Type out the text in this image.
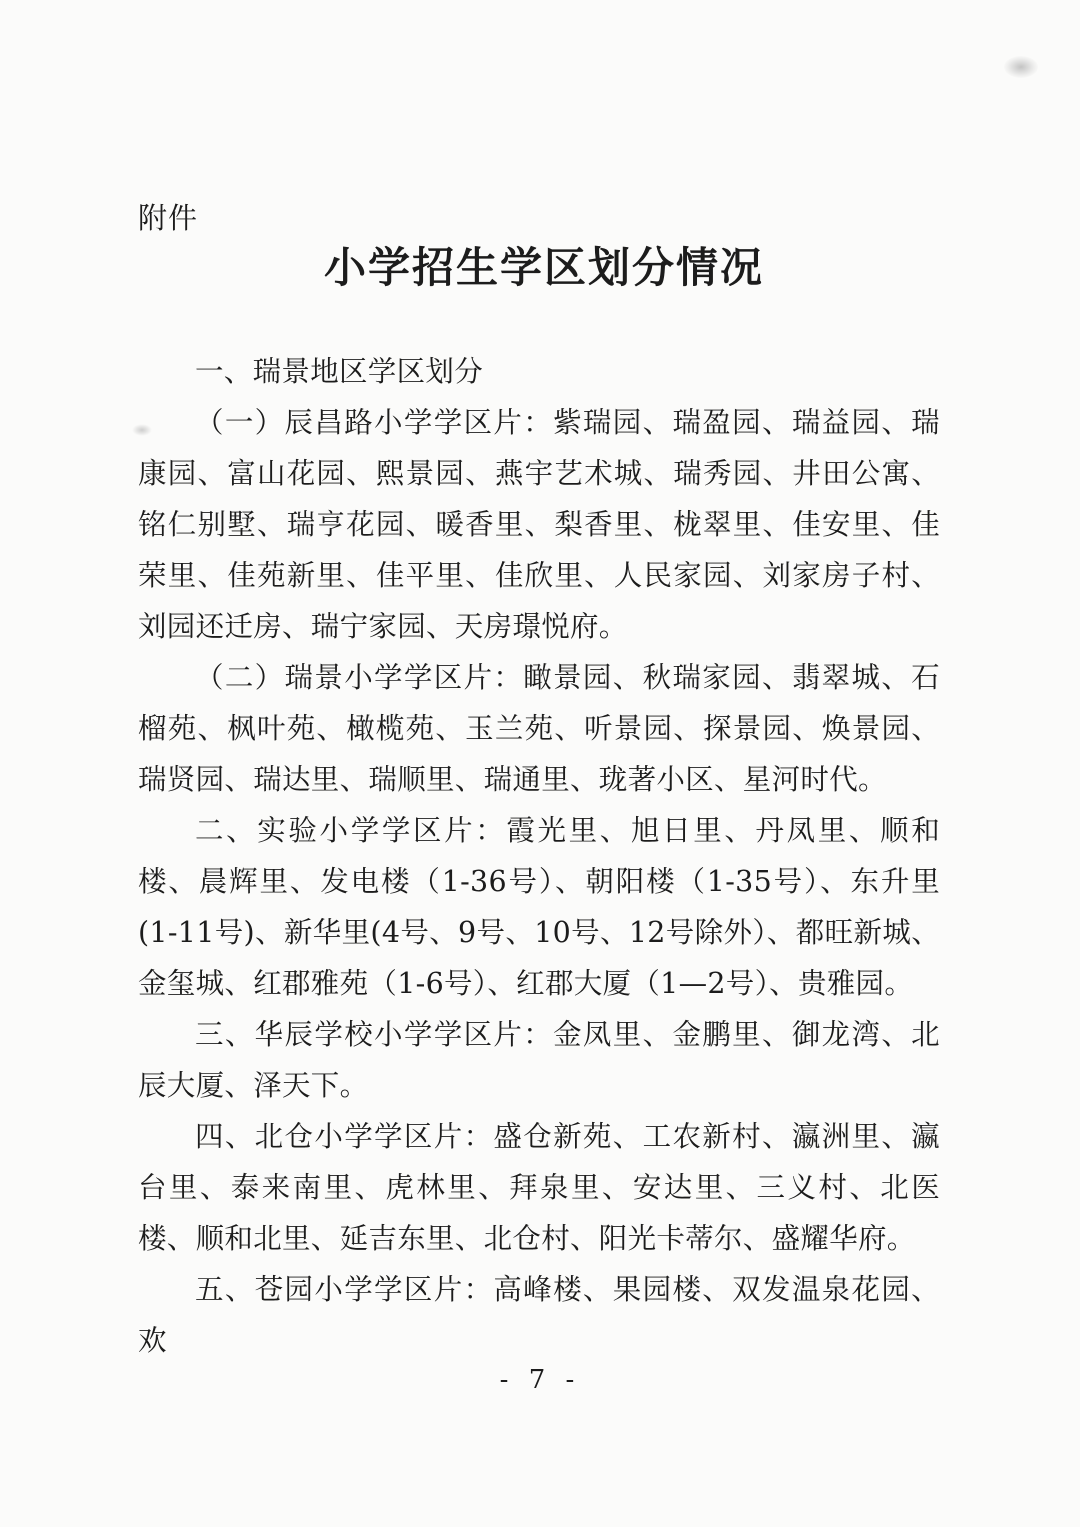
附件
小学招生学区划分情况

一、瑞景地区学区划分

（一）辰昌路小学学区片：紫瑞园、瑞盈园、瑞益园、瑞康园、富山花园、熙景园、燕宇艺术城、瑞秀园、井田公寓、铭仁别墅、瑞亨花园、暖香里、梨香里、栊翠里、佳安里、佳荣里、佳苑新里、佳平里、佳欣里、人民家园、刘家房子村、刘园还迁房、瑞宁家园、天房璟悦府。

（二）瑞景小学学区片：瞰景园、秋瑞家园、翡翠城、石榴苑、枫叶苑、橄榄苑、玉兰苑、听景园、探景园、焕景园、瑞贤园、瑞达里、瑞顺里、瑞通里、珑著小区、星河时代。

二、实验小学学区片：霞光里、旭日里、丹凤里、顺和楼、晨辉里、发电楼（1-36号）、朝阳楼（1-35号）、东升里(1-11号)、新华里(4号、9号、10号、12号除外）、都旺新城、金玺城、红郡雅苑（1-6号）、红郡大厦（1—2号）、贵雅园。

三、华辰学校小学学区片：金凤里、金鹏里、御龙湾、北辰大厦、泽天下。

四、北仓小学学区片：盛仓新苑、工农新村、瀛洲里、瀛台里、泰来南里、虎林里、拜泉里、安达里、三义村、北医楼、顺和北里、延吉东里、北仓村、阳光卡蒂尔、盛耀华府。

五、苍园小学学区片：高峰楼、果园楼、双发温泉花园、欢

- 7 -
